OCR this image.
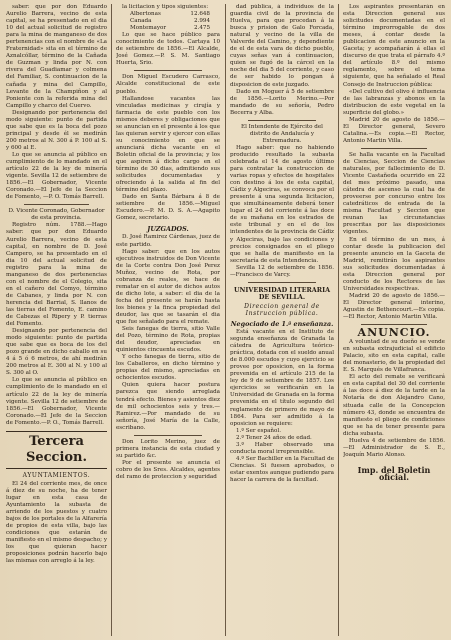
saber: que por don Eduardo Aurelio Barrera, vecino de esta capital, se ha presentado en el dia 10 del actual solicitud de registro para la mina de manganeso de dos pertenencias con el nombre de «La Fraternidad» sita en el término de Aznalcóllar, término de la Cañada de Guzman y linda por N. con rivera del Guadiamar y colmena del Familiar, S. continuacion de la cañada y mina del Campillo, Levante de la Champiñon y al Poniente con la referida mina del Campillo y charco del Cuervo.

Designando por pertenencia del modo siguiente: punto de partida que sabe que es la boca del pozo principal y desde él se medirán 200 metros al N. 300 á P. 100 al S. y 600 al E.

Lo que se anuncia al público en cumplimiento de lo mandado en el artículo 22 de la ley de minería vigente. Sevilla 12 de setiembre de 1856.—El Gobernador, Vicente Coronado.—El Jefe de la Seccion de Fomento, —P. O. Tomás Barrell.

D. Vicente Coronado, Gobernador de esta provincia.

Registro núm. 1788.—Hago saber: que por don Eduardo Aurelio Barrera, vecino de esta capital, en nombre de D. José Campero, se ha presentado en el dia 10 del actual solicitud de registro para la mina de manganeso de dos pertenencias con el nombre de el Colegio, sita en el cañero del Comyo, término de Cabanes, y linda por N. con herencia del Barrial, S. llanos de las tierras del Fomento, E. camino de Cabezas el Ripery y P. tierras del Fomento.

Designando por pertenencia del modo siguiente: punto de partida que sabe que es boca de los del pozo grande en dicho caballo en su 4 á 5 ó 6 metros, de ahí medirán 200 metros al E. 300 al N. y 100 al S. 300 al O.

Lo que se anuncia al público en cumplimiento de lo mandado en el artículo 22 de la ley de minería vigente. Sevilla 12 de setiembre de 1856.—El Gobernador, Vicente Coronado.—El Jefe de la Seccion de Fomento.—P. O., Tomás Barrell.

Tercera Seccion.
AYUNTAMIENTOS.

El 24 del corriente mes, de once á diez de su noche, ha de tener lugar en esta casa de Ayuntamiento la subasta de arriendo de los puestos y cuatro bajos de los portales de la Alfarería de propios de esta villa, bajo las condiciones que estarán de manifiesto en el mismo despacho; y los que quieran hacer proposiciones podrán hacerlo bajo las mismas con arreglo á la ley.

la licitacion y tipos siguientes:

Albertonas	12.648
Canada	2.994
Montemayor	2.475

Lo que se hace público para conocimiento de todos. Cartaya 10 de setiembre de 1856.—El Alcalde, José Gomez.—P. S. M. Santiago Huerta, Srio.

Don Miguel Escudero Carrasco, Alcalde constitucional de este pueblo.

Hallandose vacantes las vinculadas medicinas y cirujía y farmacia de este pueblo con los mismos deberes y obligaciones que se anuncian en el presente á los que las quieran servir y ejercer con ellas su conocimiento en que se anunciará dicha vacante en el Boletin oficial de la provincia; y los que aspiren á dicho cargo en el término de 30 dias, admitiendo sus solicitudes documentadas y ofreciendo á la salida al fin del término del plazo.

Dado en Santa Bárbara á 8 de setiembre de 1856.—Miguel Escudero.—P. M. D. S. A.—Agapito Gomez, secretario.

JUZGADOS.

D. José Ramirez Cárdenas, juez de este partido.

Hago saber: que en los autos ejecutivos instruidos de Don Vicente de la Corte contra Don José Perez Muñoz, vecino de Rota, por cobranza de reales, se hace de rematar en el autor de dichos autos de dicho lote, a saber: el dia de la fecha del presente se harán hasta los bienes y la finca propiedad del deudor, las que se tasarán el dia que fue señalado para el remate.

Seis fanegas de tierra, sitio Valle del Pozo, término de Rota, propias del deudor, apreciadas en quinientos cincuenta escudos.

Y ocho fanegas de tierra, sitio de los Caballeros, en dicho término y propias del mismo, apreciadas en ochocientos escudos.

Quien quiera hacer postura parezca que siendo arreglada tendrá efecto. Bienes y asientos diez de mil ochocientos seis y tres.—Ramirez.—Por mandado de su señoría, José María de la Calle, escribano.

Don Lorito Merino, juez de primera instancia de esta ciudad y su partido &c.

Por el presente se anuncia el cobro de los Sres. Alcaldes, agentes del ramo de proteccion y seguridad

dad pública, á individuos de la guardia civil de la provincia de Huelva, para que procedan á la busca y prision de Galo Forcada, natural y vecino de la villa de Valverde del Camino, y dependiente de el de esta vara de dicho pueblo, cuyas señas van á continuacion, quien se fugó de la cárcel en la noche del dia 5 del corriente, y caso de ser habido lo pongan á disposicion de este juzgado.

Dado en Moguer á 5 de setiembre de 1856.—Lorito Merino.—Por mandado de su señoría, Pedro Becerra y Alba.

El Intendente de Ejército del distrito de Andalucía y Extremadura.

Hago saber: que no habiendo producido resultado la subasta celebrada el 14 de agosto último para contratar la construccion de varias ropas y efectos de hospitales con destino á los de esta capital, Cádiz y Algeciras, se convoca por el presente á una segunda licitacion, que simultáneamente deberá tener lugar el 24 del corriente á las doce de su mañana en los estrados de este tribunal y en el de los intendentes de la provincia de Cádiz y Algeciras, bajo las condiciones y precios consignados en el pliego que se halla de manifiesto en la secretaría de esta Intendencia.

Sevilla 12 de setiembre de 1856.—Francisco de Varcy.

UNIVERSIDAD LITERARIA DE SEVILLA.
Direccion general de Instruccion pública.
Negociado de 1.ª enseñanza.

Está vacante en el Instituto de segunda enseñanza de Granada la cátedra de Agricultura teórico-práctica, dotada con el sueldo anual de 8.000 escudos y cuyo ejercicio se provee por oposicion, en la forma prevenida en el artículo 215 de la ley de 9 de setiembre de 1857. Los ejercicios se verificarán en la Universidad de Granada en la forma prevenida en el título segundo del reglamento de primero de mayo de 1864. Para ser admitido á la oposicion se requiere:

1.º Ser español.

2.º Tener 24 años de edad.

3.º Haber observado una conducta moral irreprensible.

4.º Ser Bachiller en la Facultad de Ciencias. Si fuesen aprobados, o estar exentos aunque pudiendo para hacer la carrera de la facultad.

Los aspirantes presentarán en esta Direccion general sus solicitudes documentadas en el término improrrogable de dos meses, á contar desde la publicacion de este anuncio en la Gaceta; y acompañarán á ellas el discurso de que trata el párrafo 4.º del artículo 8.º del mismo reglamento, sobre el tema siguiente, que ha señalado el Real Consejo de Instruccion pública:

«Del cultivo del olivo é influencia de las labranzas y abonos en la distribucion de este vegetal en la superficie del globo.»

Madrid 20 de agosto de 1856.—El Director general, Severo Catalina.—Es copia.—El Rector, Antonio Martin Villa.

Se halla vacante en la Facultad de Ciencias, Seccion de Ciencias naturales, por fallecimiento de D. Vicente Castañeda ocurrido en 22 del mes próximo pasado, una cátedra de ascenso la cual ha de proveerse por concurso entre los catedráticos de entrada de la misma Facultad y Seccion que reunan las circunstancias prescritas por las disposiciones vigentes.

En el término de un mes, á contar desde la publicacion del presente anuncio en la Gaceta de Madrid, remitirán los aspirantes sus solicitudes documentadas á esta Direccion general por conducto de los Rectores de las Universidades respectivas.

Madrid 20 de agosto de 1856.—El Director general interino, Agustin de Bethencourt.—Es copia.—El Rector, Antonio Martin Villa.

ANUNCIO.

A voluntad de su dueño se vende en subasta extrajudicial el edificio Palacio, sito en esta capital, calle del monasterio, de la propiedad del E. S. Marqués de Villafranca.

El acto del remate se verificará en esta capital del 30 del corriente á las doce á diez de la tarde en la Notaría de don Alejandro Cano, situada calle de la Concepcion número 43, donde se encuentra de manifiesto el pliego de condiciones que se ha de tener presente para dicha subasta.

Huelva 4 de setiembre de 1856.—El Administrador de S. E., Joaquín Mario Alonso.

Imp. del Boletin oficial.
